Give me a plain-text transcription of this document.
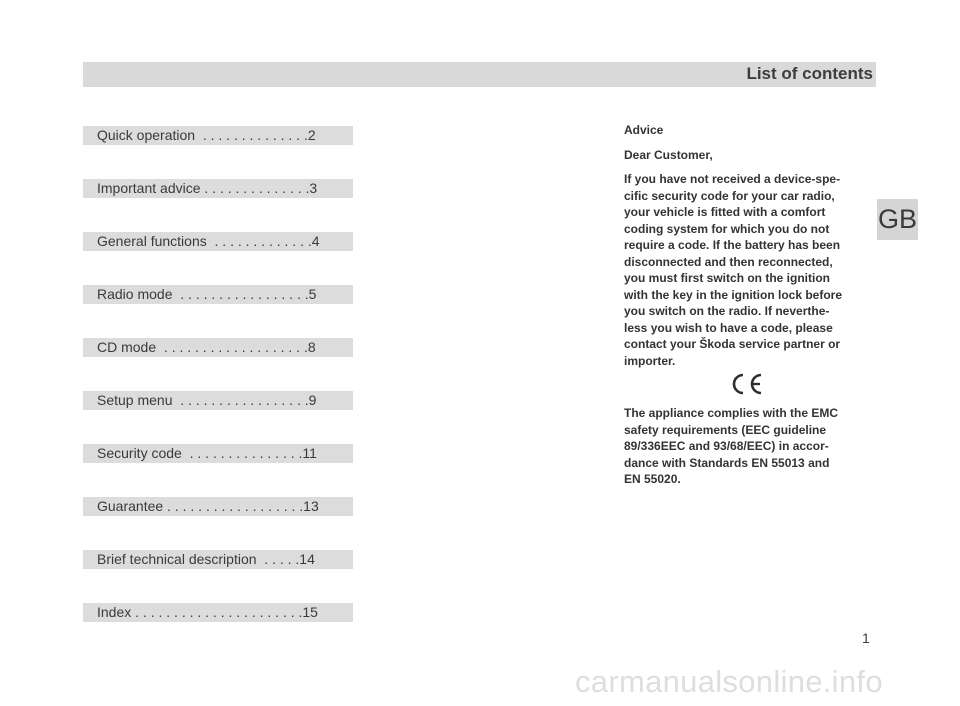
List of contents
Quick operation  . . . . . . . . . . . . . .2
Important advice . . . . . . . . . . . . . .3
General functions  . . . . . . . . . . . . .4
Radio mode  . . . . . . . . . . . . . . . . .5
CD mode  . . . . . . . . . . . . . . . . . . .8
Setup menu  . . . . . . . . . . . . . . . . .9
Security code  . . . . . . . . . . . . . . .11
Guarantee . . . . . . . . . . . . . . . . . .13
Brief technical description  . . . . .14
Index . . . . . . . . . . . . . . . . . . . . . .15

Advice

Dear Customer,

If you have not received a device-spe-
cific security code for your car radio,
your vehicle is fitted with a comfort
coding system for which you do not
require a code. If the battery has been
disconnected and then reconnected,
you must first switch on the ignition
with the key in the ignition lock before
you switch on the radio. If neverthe-
less you wish to have a code, please
contact your Škoda service partner or
importer.

The appliance complies with the EMC
safety requirements (EEC guideline
89/336EEC and 93/68/EEC) in accor-
dance with Standards EN 55013 and
EN 55020.
GB
1
carmanualsonline.info
